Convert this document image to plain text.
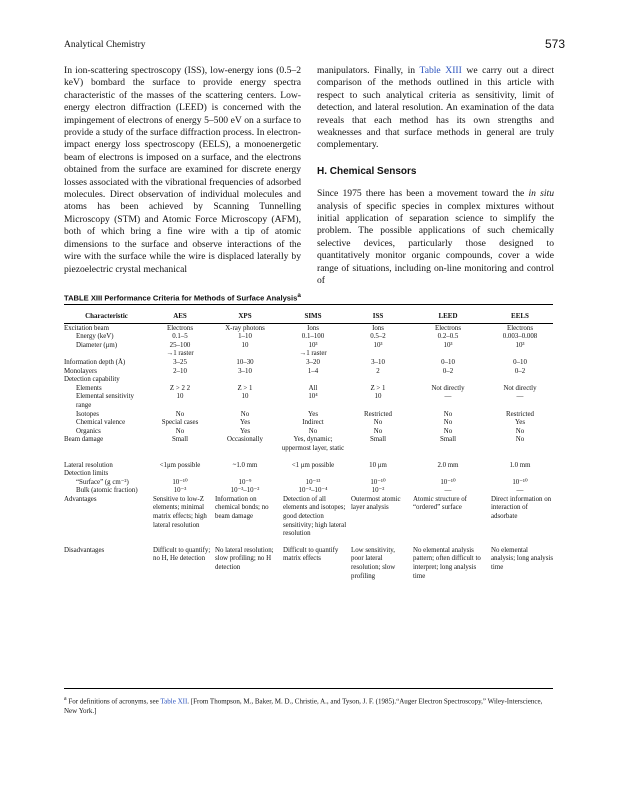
Analytical Chemistry	573

In ion-scattering spectroscopy (ISS), low-energy ions (0.5–2 keV) bombard the surface to provide energy spectra characteristic of the masses of the scattering centers. Low-energy electron diffraction (LEED) is concerned with the impingement of electrons of energy 5–500 eV on a surface to provide a study of the surface diffraction process. In electron-impact energy loss spectroscopy (EELS), a monoenergetic beam of electrons is imposed on a surface, and the electrons obtained from the surface are examined for discrete energy losses associated with the vibrational frequencies of adsorbed molecules. Direct observation of individual molecules and atoms has been achieved by Scanning Tunnelling Microscopy (STM) and Atomic Force Microscopy (AFM), both of which bring a fine wire with a tip of atomic dimensions to the surface and observe interactions of the wire with the surface while the wire is displaced laterally by piezoelectric crystal mechanical

manipulators. Finally, in Table XIII we carry out a direct comparison of the methods outlined in this article with respect to such analytical criteria as sensitivity, limit of detection, and lateral resolution. An examination of the data reveals that each method has its own strengths and weaknesses and that surface methods in general are truly complementary.

H. Chemical Sensors

Since 1975 there has been a movement toward the in situ analysis of specific species in complex mixtures without initial application of separation science to simplify the problem. The possible applications of such chemically selective devices, particularly those designed to quantitatively monitor organic compounds, cover a wide range of situations, including on-line monitoring and control of

TABLE XIII Performance Criteria for Methods of Surface Analysis$^a$
Characteristic	AES	XPS	SIMS	ISS	LEED	EELS
Excitation beam	Electrons	X-ray photons	Ions	Ions	Electrons	Electrons
Energy (keV)	0.1–5	1–10	0.1–100	0.5–2	0.2–0.5	0.003–0.008
Diameter (μm)	25–100	10	10³	10³	10³	10³
	→1 raster		→1 raster			
Information depth (Å)	3–25	10–30	3–20	3–10	0–10	0–10
Monolayers	2–10	3–10	1–4	2	0–2	0–2
Detection capability						
Elements	Z > 2 2	Z > 1	All	Z > 1	Not directly	Not directly
Elemental sensitivity range	10	10	10⁴	10	—	—
Isotopes	No	No	Yes	Restricted	No	Restricted
Chemical valence	Special cases	Yes	Indirect	No	No	Yes
Organics	No	Yes	No	No	No	No
Beam damage	Small	Occasionally	Yes, dynamic; uppermost layer, static	Small	Small	No
Lateral resolution	<1μm possible	~1.0 mm	<1 μm possible	10 μm	2.0 mm	1.0 mm
Detection limits						
“Surface” (g cm⁻²)	10⁻¹⁰	10⁻⁹	10⁻¹³	10⁻¹⁰	10⁻¹⁰	10⁻¹⁰
Bulk (atomic fraction)	10⁻³	10⁻³–10⁻²	10⁻³–10⁻⁴	10⁻²	—	—
Advantages	Sensitive to low-Z elements; minimal matrix effects; high lateral resolution	Information on chemical bonds; no beam damage	Detection of all elements and isotopes; good detection sensitivity; high lateral resolution	Outermost atomic layer analysis	Atomic structure of “ordered” surface	Direct information on interaction of adsorbate
Disadvantages	Difficult to quantify; no H, He detection	No lateral resolution; slow profiling; no H detection	Difficult to quantify matrix effects	Low sensitivity, poor lateral resolution; slow profiling	No elemental analysis pattern; often difficult to interpret; long analysis time	No elemental analysis; long analysis time
$^a$ For definitions of acronyms, see Table XII. [From Thompson, M., Baker, M. D., Christie, A., and Tyson, J. F. (1985).“Auger Electron Spectroscopy,” Wiley-Interscience, New York.]
